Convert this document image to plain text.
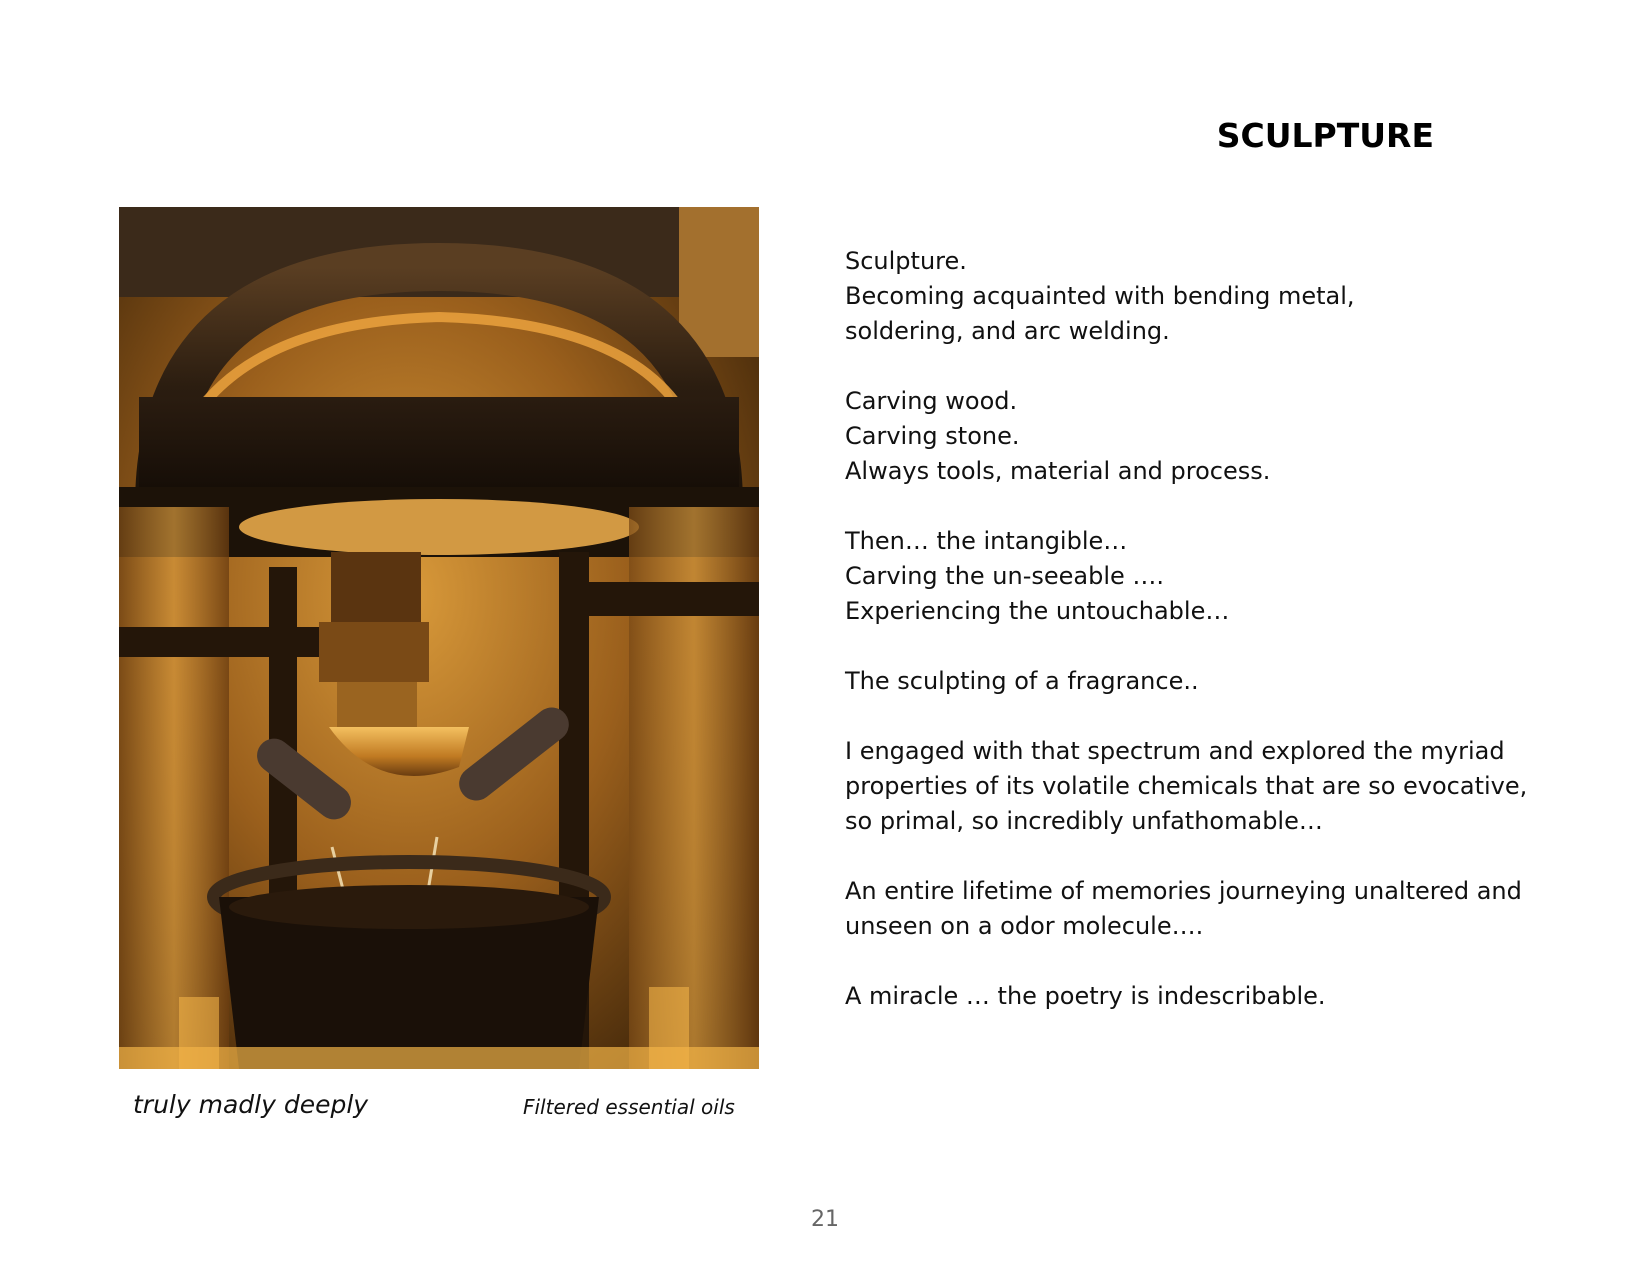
SCULPTURE

truly madly deeply	Filtered essential oils

Sculpture.
Becoming acquainted with bending metal,
soldering, and arc welding.

Carving wood.
Carving stone.
Always tools, material and process.

Then… the intangible…
Carving the un-seeable ….
Experiencing the untouchable…

The sculpting of a fragrance..

I engaged with that spectrum and explored the myriad
properties of its volatile chemicals that are so evocative,
so primal, so incredibly unfathomable…

An entire lifetime of memories journeying unaltered and
unseen on a odor molecule….

A miracle … the poetry is indescribable.

21
